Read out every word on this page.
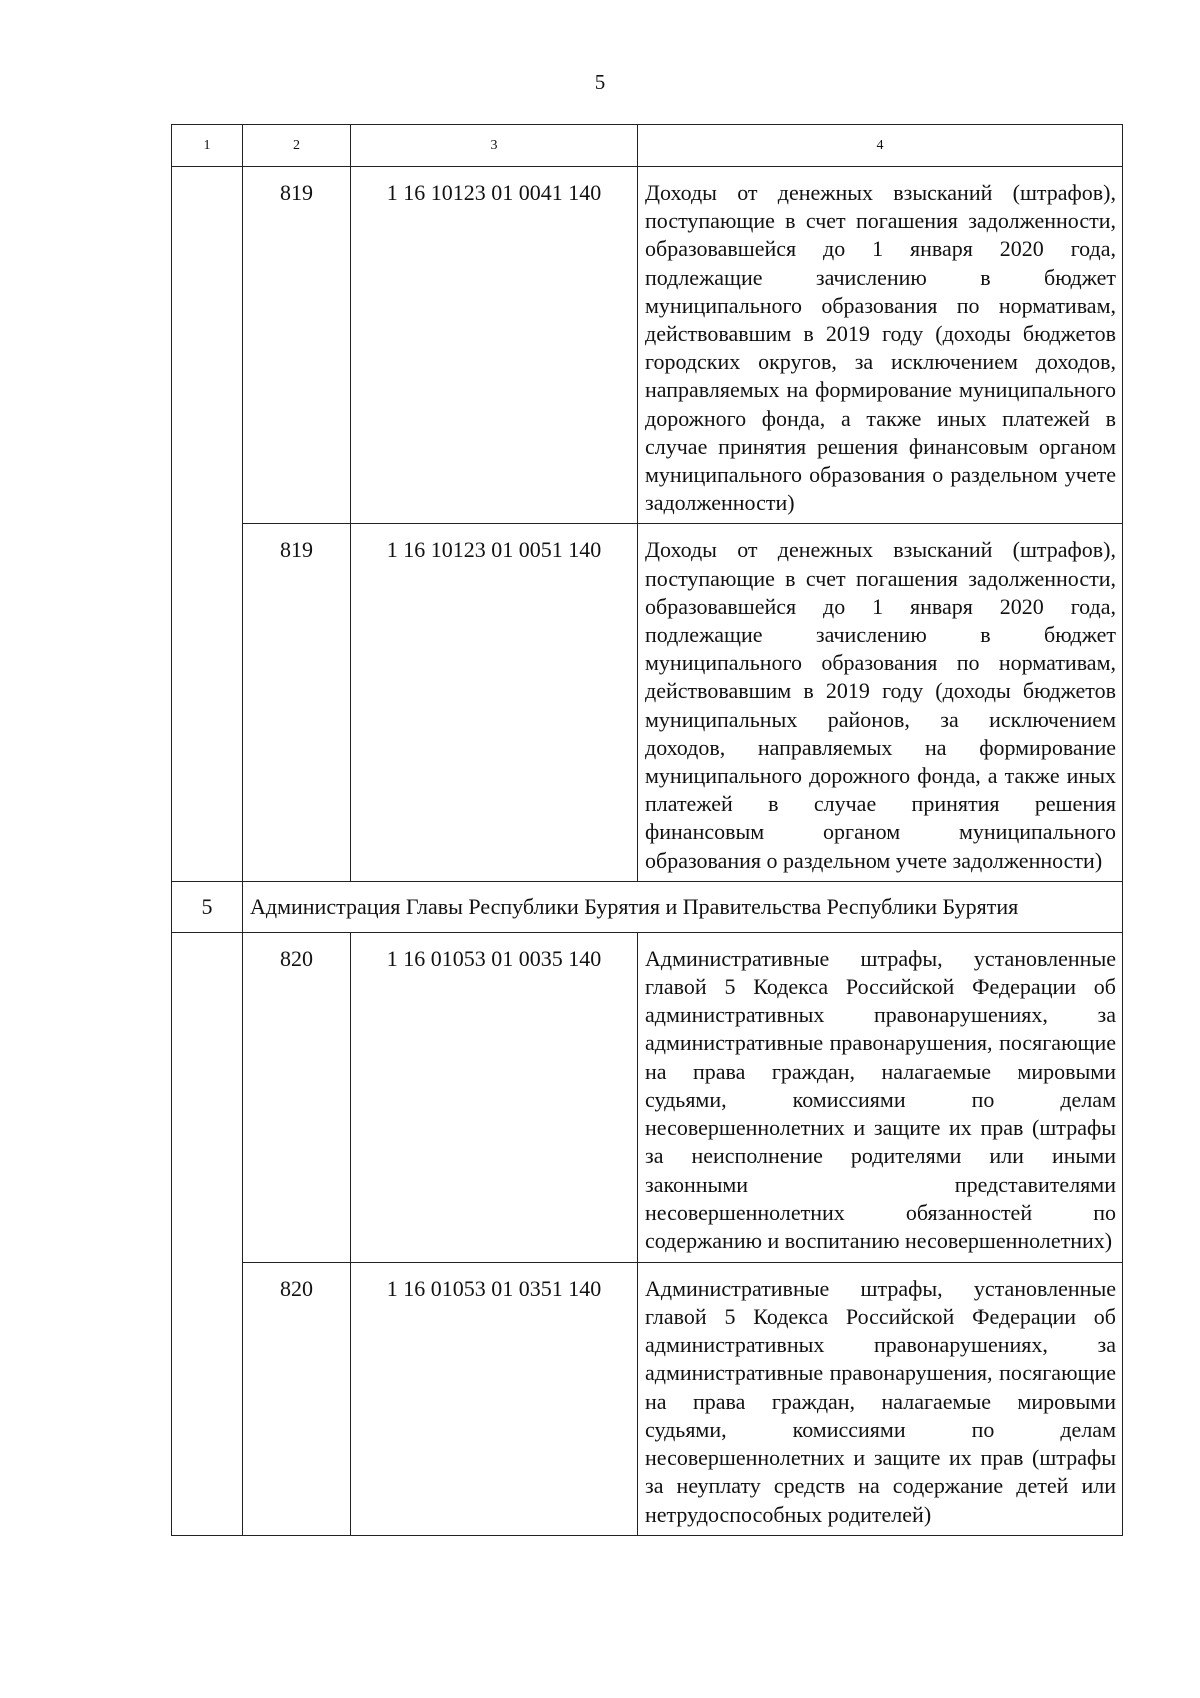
5
1	2	3	4
	819	1 16 10123 01 0041 140	Доходы от денежных взысканий (штрафов), поступающие в счет погашения задолженности, образовавшейся до 1 января 2020 года, подлежащие зачислению в бюджет муниципального образования по нормативам, действовавшим в 2019 году (доходы бюджетов городских округов, за исключением доходов, направляемых на формирование муниципального дорожного фонда, а также иных платежей в случае принятия решения финансовым органом муниципального образования о раздельном учете задолженности)
	819	1 16 10123 01 0051 140	Доходы от денежных взысканий (штрафов), поступающие в счет погашения задолженности, образовавшейся до 1 января 2020 года, подлежащие зачислению в бюджет муниципального образования по нормативам, действовавшим в 2019 году (доходы бюджетов муниципальных районов, за исключением доходов, направляемых на формирование муниципального дорожного фонда, а также иных платежей в случае принятия решения финансовым органом муниципального образования о раздельном учете задолженности)
5	Администрация Главы Республики Бурятия и Правительства Республики Бурятия		
	820	1 16 01053 01 0035 140	Административные штрафы, установленные главой 5 Кодекса Российской Федерации об административных правонарушениях, за административные правонарушения, посягающие на права граждан, налагаемые мировыми судьями, комиссиями по делам несовершеннолетних и защите их прав (штрафы за неисполнение родителями или иными законными представителями несовершеннолетних обязанностей по содержанию и воспитанию несовершеннолетних)
	820	1 16 01053 01 0351 140	Административные штрафы, установленные главой 5 Кодекса Российской Федерации об административных правонарушениях, за административные правонарушения, посягающие на права граждан, налагаемые мировыми судьями, комиссиями по делам несовершеннолетних и защите их прав (штрафы за неуплату средств на содержание детей или нетрудоспособных родителей)
